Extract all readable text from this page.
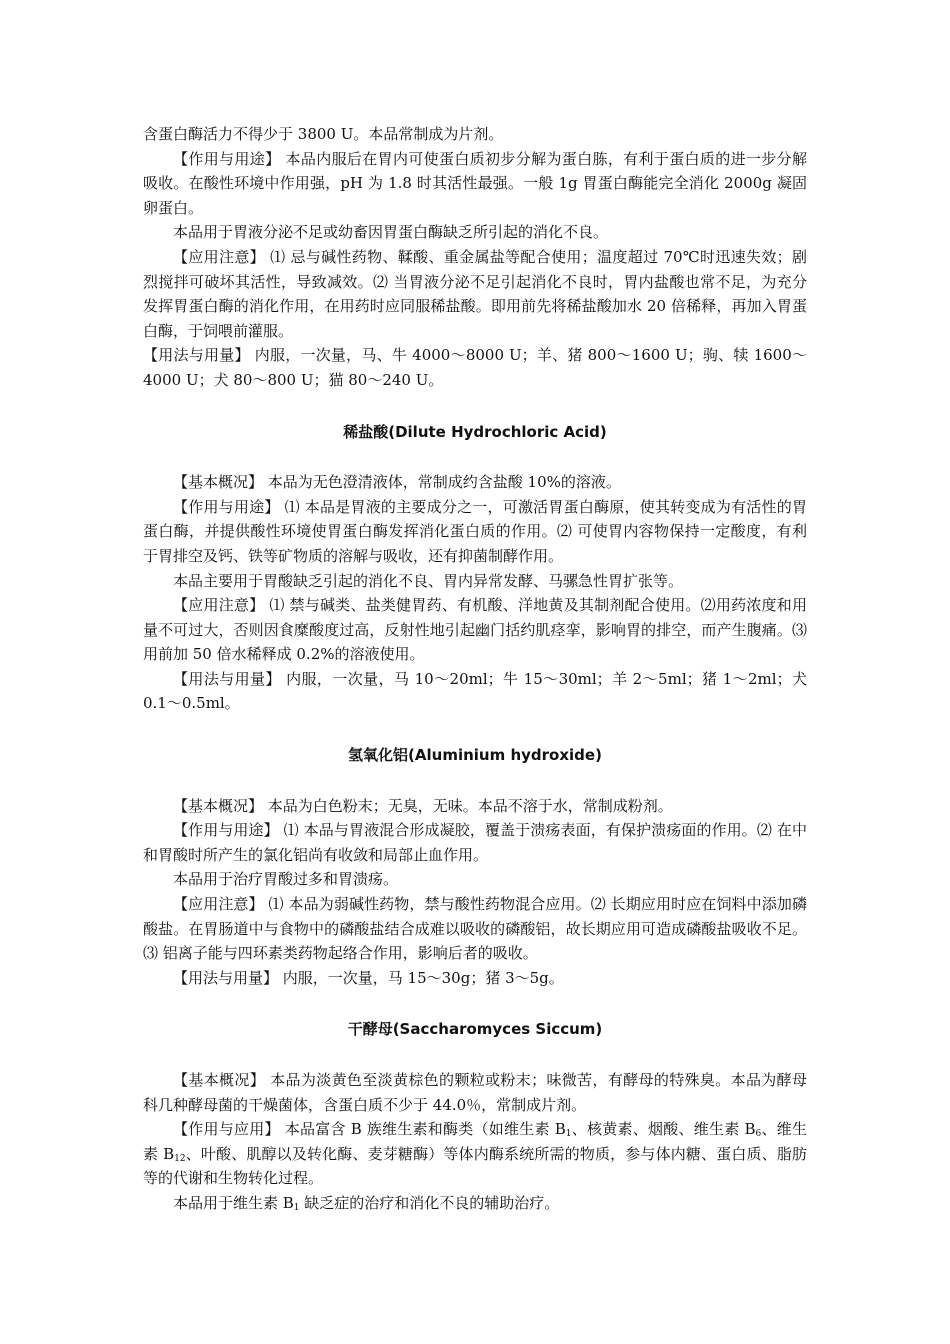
含蛋白酶活力不得少于 3800 U。本品常制成为片剂。

【作用与用途】 本品内服后在胃内可使蛋白质初步分解为蛋白胨，有利于蛋白质的进一步分解吸收。在酸性环境中作用强，pH 为 1.8 时其活性最强。一般 1g 胃蛋白酶能完全消化 2000g 凝固卵蛋白。

本品用于胃液分泌不足或幼畜因胃蛋白酶缺乏所引起的消化不良。

【应用注意】 ⑴ 忌与碱性药物、鞣酸、重金属盐等配合使用；温度超过 70℃时迅速失效；剧烈搅拌可破坏其活性，导致减效。⑵ 当胃液分泌不足引起消化不良时，胃内盐酸也常不足，为充分发挥胃蛋白酶的消化作用，在用药时应同服稀盐酸。即用前先将稀盐酸加水 20 倍稀释，再加入胃蛋白酶，于饲喂前灌服。

【用法与用量】 内服，一次量，马、牛 4000～8000 U；羊、猪 800～1600 U；驹、犊 1600～4000 U；犬 80～800 U；猫 80～240 U。

稀盐酸(Dilute Hydrochloric Acid)

【基本概况】 本品为无色澄清液体，常制成约含盐酸 10%的溶液。

【作用与用途】 ⑴ 本品是胃液的主要成分之一，可激活胃蛋白酶原，使其转变成为有活性的胃蛋白酶，并提供酸性环境使胃蛋白酶发挥消化蛋白质的作用。⑵ 可使胃内容物保持一定酸度，有利于胃排空及钙、铁等矿物质的溶解与吸收，还有抑菌制酵作用。

本品主要用于胃酸缺乏引起的消化不良、胃内异常发酵、马骡急性胃扩张等。

【应用注意】 ⑴ 禁与碱类、盐类健胃药、有机酸、洋地黄及其制剂配合使用。⑵用药浓度和用量不可过大，否则因食糜酸度过高，反射性地引起幽门括约肌痉挛，影响胃的排空，而产生腹痛。⑶ 用前加 50 倍水稀释成 0.2%的溶液使用。

【用法与用量】 内服，一次量，马 10～20ml；牛 15～30ml；羊 2～5ml；猪 1～2ml；犬 0.1～0.5ml。

氢氧化铝(Aluminium hydroxide)

【基本概况】 本品为白色粉末；无臭，无味。本品不溶于水，常制成粉剂。

【作用与用途】 ⑴ 本品与胃液混合形成凝胶，覆盖于溃疡表面，有保护溃疡面的作用。⑵ 在中和胃酸时所产生的氯化铝尚有收敛和局部止血作用。

本品用于治疗胃酸过多和胃溃疡。

【应用注意】 ⑴ 本品为弱碱性药物，禁与酸性药物混合应用。⑵ 长期应用时应在饲料中添加磷酸盐。在胃肠道中与食物中的磷酸盐结合成难以吸收的磷酸铝，故长期应用可造成磷酸盐吸收不足。⑶ 铝离子能与四环素类药物起络合作用，影响后者的吸收。

【用法与用量】 内服，一次量，马 15～30g；猪 3～5g。

干酵母(Saccharomyces Siccum)

【基本概况】 本品为淡黄色至淡黄棕色的颗粒或粉末；味微苦，有酵母的特殊臭。本品为酵母科几种酵母菌的干燥菌体，含蛋白质不少于 44.0％，常制成片剂。

【作用与应用】 本品富含 B 族维生素和酶类（如维生素 $B_1$、核黄素、烟酸、维生素 $B_6$、维生素 $B_{12}$、叶酸、肌醇以及转化酶、麦芽糖酶）等体内酶系统所需的物质，参与体内糖、蛋白质、脂肪等的代谢和生物转化过程。

本品用于维生素 $B_1$ 缺乏症的治疗和消化不良的辅助治疗。
